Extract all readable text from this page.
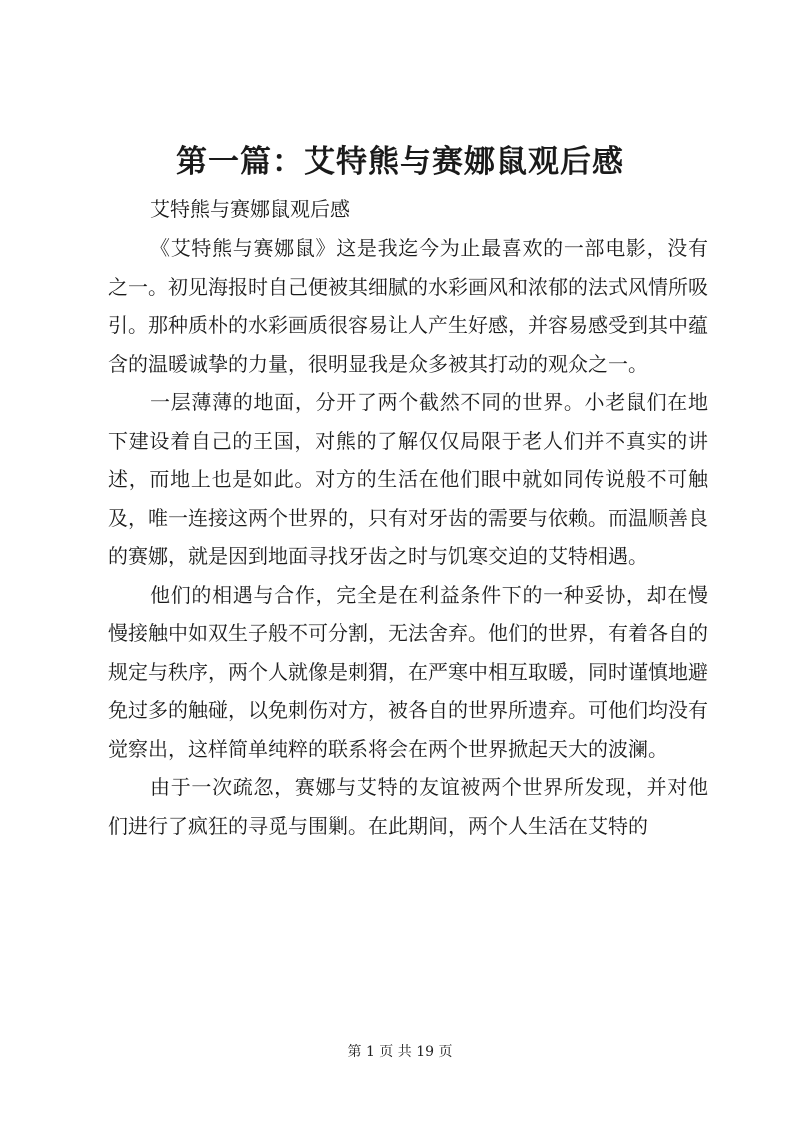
第一篇：艾特熊与赛娜鼠观后感
艾特熊与赛娜鼠观后感

《艾特熊与赛娜鼠》这是我迄今为止最喜欢的一部电影，没有之一。初见海报时自己便被其细腻的水彩画风和浓郁的法式风情所吸引。那种质朴的水彩画质很容易让人产生好感，并容易感受到其中蕴含的温暖诚挚的力量，很明显我是众多被其打动的观众之一。

一层薄薄的地面，分开了两个截然不同的世界。小老鼠们在地下建设着自己的王国，对熊的了解仅仅局限于老人们并不真实的讲述，而地上也是如此。对方的生活在他们眼中就如同传说般不可触及，唯一连接这两个世界的，只有对牙齿的需要与依赖。而温顺善良的赛娜，就是因到地面寻找牙齿之时与饥寒交迫的艾特相遇。

他们的相遇与合作，完全是在利益条件下的一种妥协，却在慢慢接触中如双生子般不可分割，无法舍弃。他们的世界，有着各自的规定与秩序，两个人就像是刺猬，在严寒中相互取暖，同时谨慎地避免过多的触碰，以免刺伤对方，被各自的世界所遗弃。可他们均没有觉察出，这样简单纯粹的联系将会在两个世界掀起天大的波澜。

由于一次疏忽，赛娜与艾特的友谊被两个世界所发现，并对他们进行了疯狂的寻觅与围剿。在此期间，两个人生活在艾特的

第 1 页 共 19 页
